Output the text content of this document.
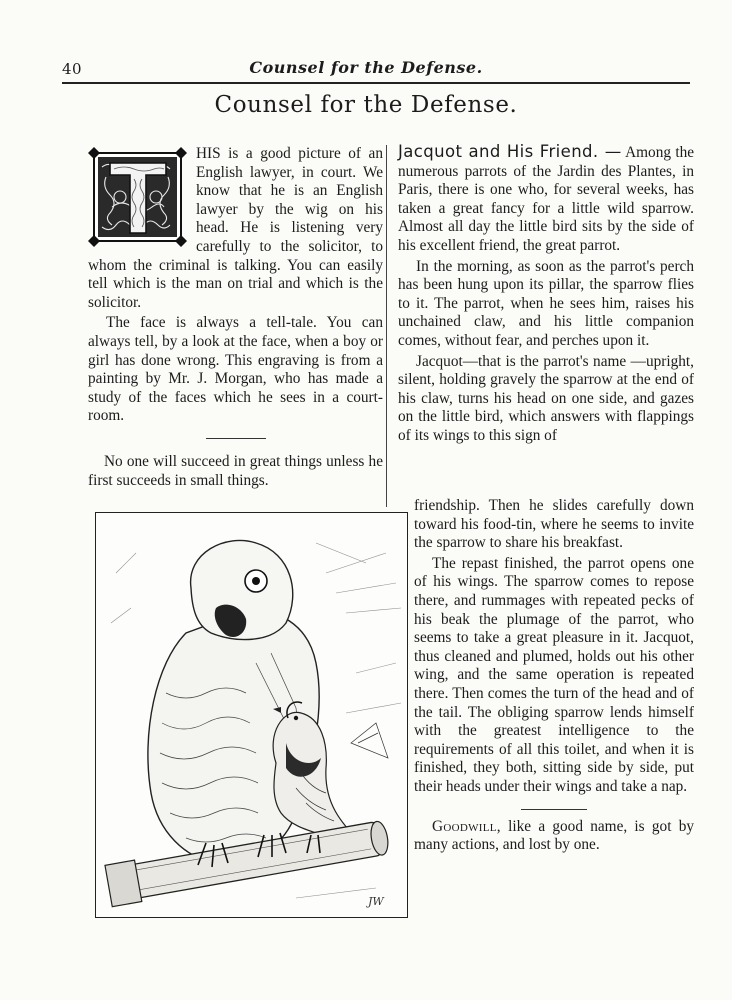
40	Counsel for the Defense.
Counsel for the Defense.

HIS is a good picture of an English lawyer, in court. We know that he is an English lawyer by the wig on his head. He is listening very carefully to the solicitor, to whom the criminal is talking. You can easily tell which is the man on trial and which is the solicitor.

The face is always a tell-tale. You can always tell, by a look at the face, when a boy or girl has done wrong. This engraving is from a painting by Mr. J. Morgan, who has made a study of the faces which he sees in a court-room.

No one will succeed in great things unless he first succeeds in small things.

Jacquot and His Friend. — Among the numerous parrots of the Jardin des Plantes, in Paris, there is one who, for several weeks, has taken a great fancy for a little wild sparrow. Almost all day the little bird sits by the side of his excellent friend, the great parrot.

In the morning, as soon as the parrot's perch has been hung upon its pillar, the sparrow flies to it. The parrot, when he sees him, raises his unchained claw, and his little companion comes, without fear, and perches upon it.

Jacquot—that is the parrot's name —upright, silent, holding gravely the sparrow at the end of his claw, turns his head on one side, and gazes on the little bird, which answers with flappings of its wings to this sign of

JW

friendship. Then he slides carefully down toward his food-tin, where he seems to invite the sparrow to share his breakfast.

The repast finished, the parrot opens one of his wings. The sparrow comes to repose there, and rummages with repeated pecks of his beak the plumage of the parrot, who seems to take a great pleasure in it. Jacquot, thus cleaned and plumed, holds out his other wing, and the same operation is repeated there. Then comes the turn of the head and of the tail. The obliging sparrow lends himself with the greatest intelligence to the requirements of all this toilet, and when it is finished, they both, sitting side by side, put their heads under their wings and take a nap.

Goodwill, like a good name, is got by many actions, and lost by one.
